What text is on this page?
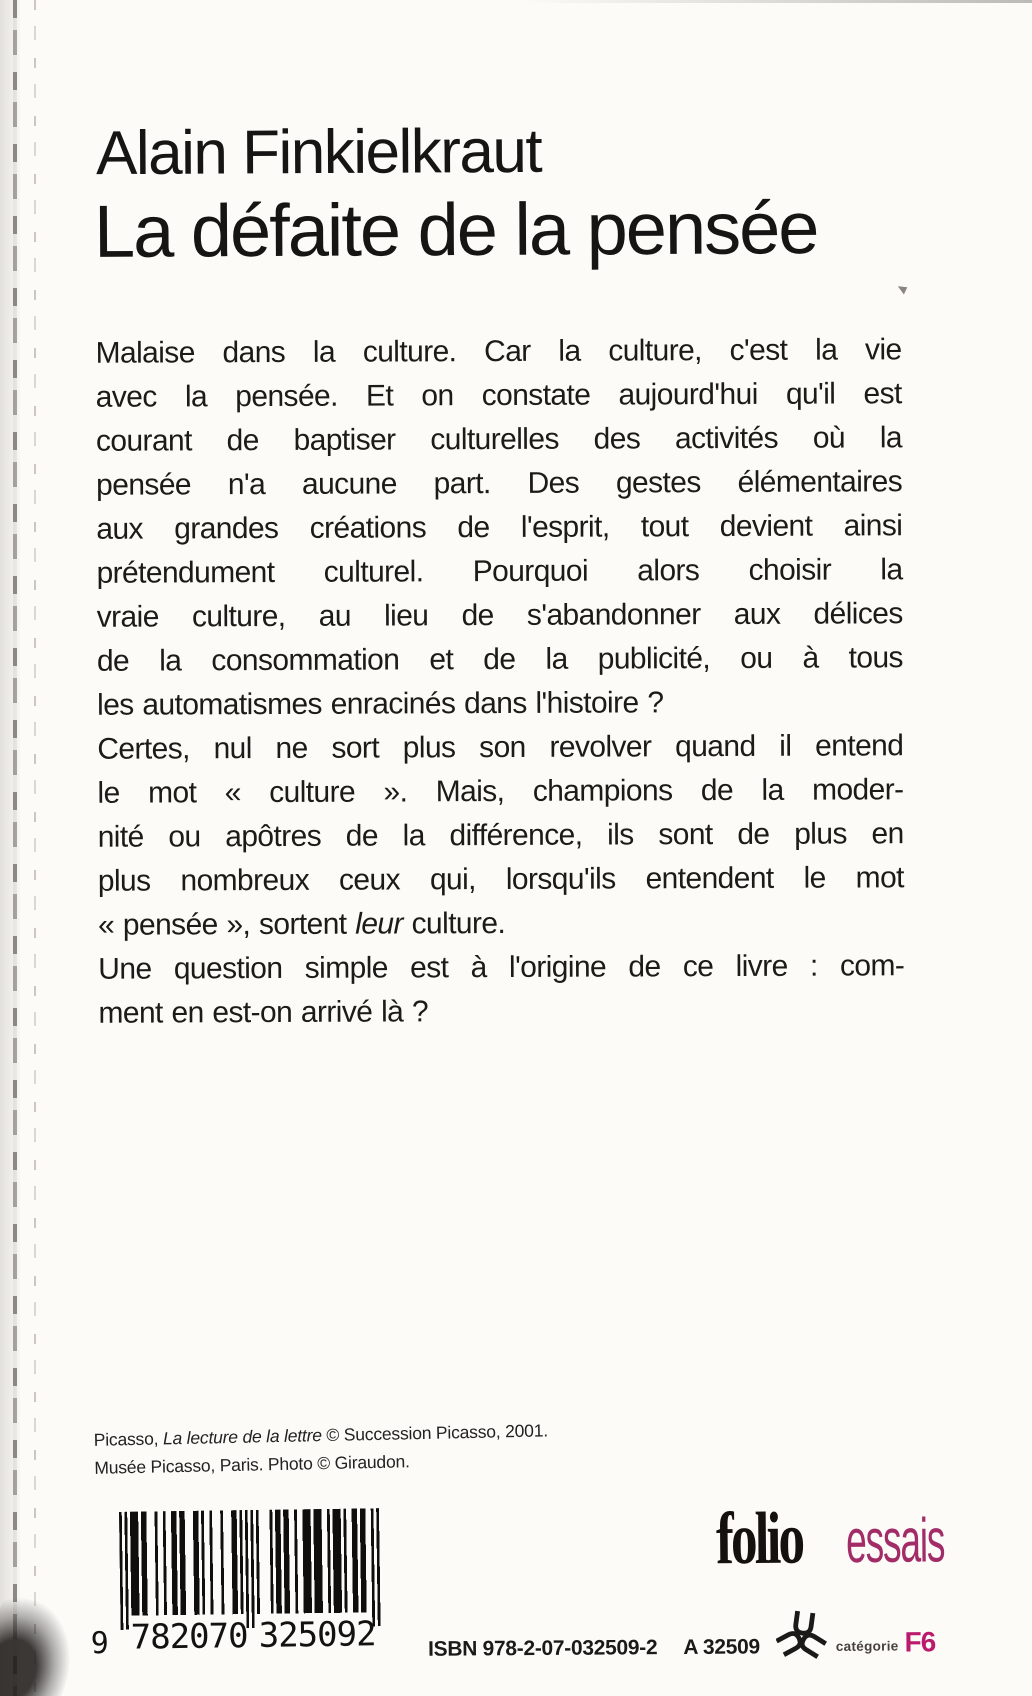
Alain Finkielkraut
La défaite de la pensée
Malaise dans la culture. Car la culture, c'est la vie
avec la pensée. Et on constate aujourd'hui qu'il est
courant de baptiser culturelles des activités où la
pensée n'a aucune part. Des gestes élémentaires
aux grandes créations de l'esprit, tout devient ainsi
prétendument culturel. Pourquoi alors choisir la
vraie culture, au lieu de s'abandonner aux délices
de la consommation et de la publicité, ou à tous
les automatismes enracinés dans l'histoire ?
Certes, nul ne sort plus son revolver quand il entend
le mot « culture ». Mais, champions de la moder-
nité ou apôtres de la différence, ils sont de plus en
plus nombreux ceux qui, lorsqu'ils entendent le mot
« pensée », sortent leur culture.
Une question simple est à l'origine de ce livre : com-
ment en est-on arrivé là ?
Picasso, La lecture de la lettre © Succession Picasso, 2001.
Musée Picasso, Paris. Photo © Giraudon.
9 782070 325092
folio essais
ISBN 978-2-07-032509-2 A 32509	catégorie F6
